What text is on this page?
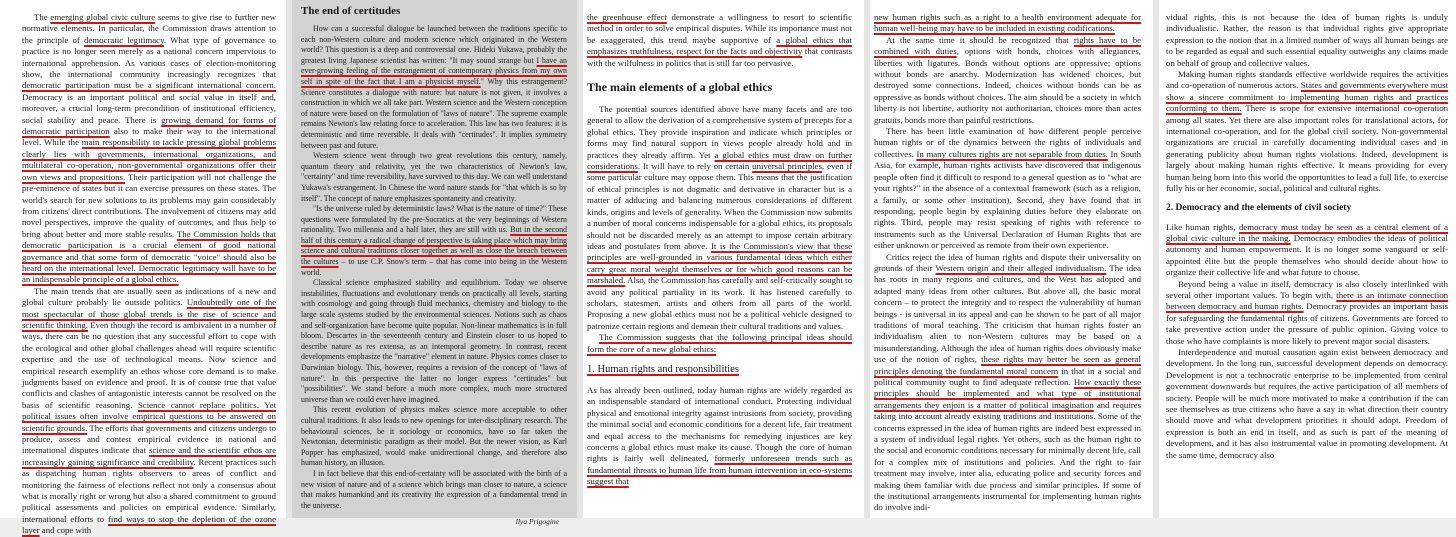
The emerging global civic culture seems to give rise to further new normative elements. In particular, the Commission draws attention to the principle of democratic legitimacy. What type of governance to practice is no longer seen merely as a national concern impervious to international apprehension. As various cases of election-monitoring show, the international community increasingly recognizes that democratic participation must be a significant international concern. Democracy is an important political and social value in itself and, moreover, a crucial long-term precondition of institutional efficiency, social stability and peace. There is growing demand for forms of democratic participation also to make their way to the international level. While the main responsibility to tackle pressing global problems clearly lies with governments, international organizations, and multilateral co-operation, non-governmental organizations offer their own views and propositions. Their participation will not challenge the pre-eminence of states but it can exercise pressures on these states. The world's search for new solutions to its problems may gain considerably from citizens' direct contributions. The involvement of citizens may add novel perspectives, improve the quality of outcomes, and thus help to bring about better and more stable results. The Commission holds that democratic participation is a crucial element of good national governance and that some form of democratic "voice" should also be heard on the international level. Democratic legitimacy will have to be an indispensable principle of a global ethics.

The main trends that are usually seen as indications of a new and global culture probably lie outside politics. Undoubtedly one of the most spectacular of those global trends is the rise of science and scientific thinking. Even though the record is ambivalent in a number of ways, there can be no question that any successful effort to cope with the ecological and other global challenges ahead will require scientific expertise and the use of technological means. Now science and empirical research exemplify an ethos whose core demand is to make judgments based on evidence and proof. It is of course true that value conflicts and clashes of antagonistic interests cannot be resolved on the basis of scientific reasoning. Science cannot replace politics. Yet political issues often involve empirical questions to be answered on scientific grounds. The efforts that governments and citizens undergo to produce, assess and contest empirical evidence in national and international disputes indicate that science and the scientific ethos are increasingly gaining significance and credibility. Recent practices such as dispatching human rights observers to areas of conflict and monitoring the fairness of elections reflect not only a consensus about what is morally right or wrong but also a shared commitment to ground political assessments and policies on empirical evidence. Similarly, international efforts to find ways to stop the depletion of the ozone layer and cope with

The end of certitudes

How can a successful dialogue be launched between the traditions specific to each non-Western culture and modern science which originated in the Western world? This question is a deep and controversial one. Hideki Yukawa, probably the greatest living Japanese scientist has written: "It may sound strange but I have an ever-growing feeling of the estrangement of contemporary physics from my own self in spite of the fact that I am a physicist myself." Why this estrangement? Science constitutes a dialogue with nature: but nature is not given, it involves a construction in which we all take part. Western science and the Western conception of nature were based on the formulation of "laws of nature". The supreme example remains Newton's law relating force to acceleration. This law has two features: it is deterministic and time reversible. It deals with "certitudes". It implies symmetry between past and future.

Western science went through two great revolutions this century, namely, quantum theory and relativity, yet the two characteristics of Newton's law, "certainty" and time reversibility, have survived to this day. We can well understand Yukawa's estrangement. In Chinese the word nature stands for "that which is so by itself". The concept of nature emphasizes spontaneity and creativity.

"Is the universe ruled by deterministic laws? What is the nature of time?" These questions were formulated by the pre-Socratics at the very beginnings of Western rationality. Two millennia and a half later, they are still with us. But in the second half of this century a radical change of perspective is taking place which may bring science and cultural traditions closer together as well as close the breach between the cultures – to use C.P. Snow's term – that has come into being in the Western world.

Classical science emphasized stability and equilibrium. Today we observe instabilities, fluctuations and evolutionary trends on practically all levels, starting with cosmology and going through fluid mechanics, chemistry and biology to the large scale systems studied by the environmental sciences. Notions such as chaos and self-organization have become quite popular. Non-linear mathematics is in full bloom. Descartes in the seventeenth century and Einstein closer to us hoped to describe nature as res extensa, as an intemporal geometry. In contrast, recent developments emphasize the "narrative" element in nature. Physics comes closer to Darwinian biology. This, however, requires a revision of the concept of "laws of nature". In this perspective the latter no longer express "certitudes" but "possibilities". We stand before a much more complex, much more structured universe than we could ever have imagined.

This recent evolution of physics makes science more acceptable to other cultural traditions. It also leads to new openings for inter-disciplinary research. The behavioural sciences, be it sociology or economics, have so far taken the Newtonian, deterministic paradigm as their model. But the newer vision, as Karl Popper has emphasized, would make unidirectional change, and therefore also human history, an illusion.

I in fact believe that this end-of-certainty will be associated with the birth of a new vision of nature and of a science which brings man closer to nature, a science that makes humankind and its creativity the expression of a fundamental trend in the universe.

Ilya Prigogine

the greenhouse effect demonstrate a willingness to resort to scientific method in order to solve empirical disputes. While its importance must not be exaggerated, this trend maybe supportive of a global ethics that emphasizes truthfulness, respect for the facts and objectivity that contrasts with the wilfulness in politics that is still far too pervasive.

The main elements of a global ethics

The potential sources identified above have many facets and are too general to allow the derivation of a comprehensive system of precepts for a global ethics. They provide inspiration and indicate which principles or forms may find natural support in views people already hold and in practices they already affirm. Yet a global ethics must draw on further considerations. It will have to rely on certain universal principles, even if some particular culture may oppose them. This means that the justification of ethical principles is not dogmatic and derivative in character but is a matter of adducing and balancing numerous considerations of different kinds, origins and levels of generality. When the Commission now submits a number of moral concerns indispensable for a global ethics, its proposals should not be discarded merely as an attempt to impose certain arbitrary ideas and postulates from above. It is the Commission's view that these principles are well-grounded in various fundamental ideas which either carry great moral weight themselves or for which good reasons can be marshaled. Also, the Commission has carefully and self-critically sought to avoid any political partiality in its work. It has listened carefully to scholars, statesmen, artists and others from all parts of the world. Proposing a new global ethics must not be a political vehicle designed to patronize certain regions and demean their cultural traditions and values.

The Commission suggests that the following principal ideas should form the core of a new global ethics:

1. Human rights and responsibilities

As has already been outlined, today human rights are widely regarded as an indispensable standard of international conduct. Protecting individual physical and emotional integrity against intrusions from society, providing the minimal social and economic conditions for a decent life, fair treatment and equal access to the mechanisms for remedying injustices are key concerns a global ethics must make its cause. Though the core of human rights is fairly well delineated, formerly unforeseen trends such as fundamental threats to human life from human intervention in eco-systems suggest that

new human rights such as a right to a health environment adequate for human well-being may have to be included in existing codifications.

At the same time it should be recognized that rights have to be combined with duties, options with bonds, choices with allegiances, liberties with ligatures. Bonds without options are oppressive; options without bonds are anarchy. Modernization has widened choices, but destroyed some connections. Indeed, choices without bonds can be as oppressive as bonds without choices. The aim should be a society in which liberty is not libertine, authority not authoritarian, choices more than actes gratuits, bonds more than painful restrictions.

There has been little examination of how different people perceive human rights or of the dynamics between the rights of individuals and collectives. In many cultures rights are not separable from duties. In South Asia, for example, human rights activists have discovered that indigenous people often find it difficult to respond to a general question as to "what are your rights?" in the absence of a contextual framework (such as a religion, a family, or some other institution). Second, they have found that in responding, people begin by explaining duties before they elaborate on rights. Third, people may resist speaking of rights with reference to instruments such as the Universal Declaration of Human Rights that are either unknown or perceived as remote from their own experience.

Critics reject the idea of human rights and dispute their universality on grounds of their Western origin and their alleged individualism. The idea has roots in many regions and cultures, and the West has adopted and adapted many ideas from other cultures. But above all, the basic moral concern – to protect the integrity and to respect the vulnerability of human beings - is universal in its appeal and can be shown to be part of all major traditions of moral teaching. The criticism that human rights foster an individualism alien to non-Western cultures may be based on a misunderstanding. Although the idea of human rights does obviously make use of the notion of rights, these rights may better be seen as general principles denoting the fundamental moral concern in that in a social and political community ought to find adequate reflection. How exactly these principles should be implemented and what type of institutional arrangements they enjoin is a matter of political imagination and requires taking into account already existing traditions and institutions. Some of the concerns expressed in the idea of human rights are indeed best expressed in a system of individual legal rights. Yet others, such as the human right to the social and economic conditions necessary for minimally decent life, call for a complex mix of institutions and policies. And the right to fair treatment may involve, inter alia, educating police and security forces and making them familiar with due process and similar principles. If some of the institutional arrangements instrumental for implementing human rights do involve indi-

vidual rights, this is not because the idea of human rights is unduly individualistic. Rather, the reason is that individual rights give appropriate expression to the notion that in a limited number of ways all human beings are to be regarded as equal and such essential equality outweighs any claims made on behalf of group and collective values.

Making human rights standards effective worldwide requires the activities and co-operation of numerous actors. States and governments everywhere must show a sincere commitment to implementing human rights and practices conforming to them. There is scope for extensive international co-operation among all states. Yet there are also important roles for translational actors, for international co-operation, and for the global civil society. Non-governmental organizations are crucial in carefully documenting individual cases and in generating publicity about human rights violations. Indeed, development is largely about making human rights effective. It means providing for every human being born into this world the opportunities to lead a full life, to exercise fully his or her economic, social, political and cultural rights.

2. Democracy and the elements of civil society

Like human rights, democracy must today be seen as a central element of a global civic culture in the making. Democracy embodies the ideas of political autonomy and human empowerment. It is no longer some vanguard or self-appointed élite but the people themselves who should decide about how to organize their collective life and what future to choose.

Beyond being a value in itself, democracy is also closely interlinked with several other important values. To begin with, there is an intimate connection between democracy and human rights. Democracy provides an important basis for safeguarding the fundamental rights of citizens. Governments are forced to take preventive action under the pressure of public opinion. Giving voice to those who have complaints is more likely to prevent major social disasters.

Interdependence and mutual causation again exist between democracy and development. In the long run, successful development depends on democracy. Development is not a technocratic enterprise to be implemented from central government downwards but requires the active participation of all members of society. People will be much more motivated to make a contribution if the can see themselves as true citizens who have a say in what direction their country should move and what development priorities it should adopt. Freedom of expression is both an end in itself, and as such is part of the meaning of development, and it has also instrumental value in promoting development. At the same time, democracy also
